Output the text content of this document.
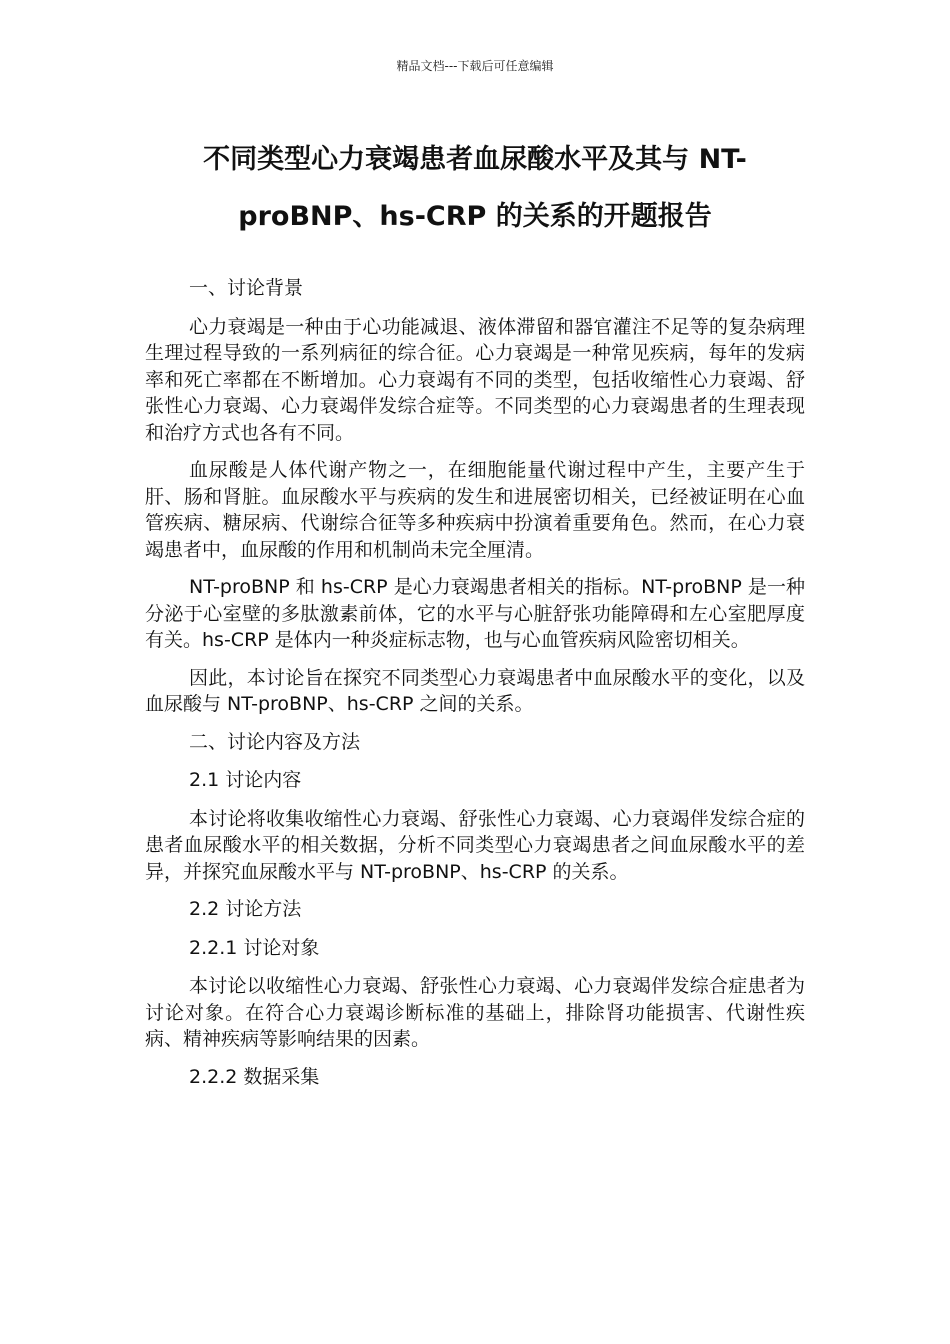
精品文档---下载后可任意编辑
不同类型心力衰竭患者血尿酸水平及其与 NT-
proBNP、hs-CRP 的关系的开题报告

一、讨论背景

心力衰竭是一种由于心功能减退、液体滞留和器官灌注不足等的复杂病理生理过程导致的一系列病征的综合征。心力衰竭是一种常见疾病，每年的发病率和死亡率都在不断增加。心力衰竭有不同的类型，包括收缩性心力衰竭、舒张性心力衰竭、心力衰竭伴发综合症等。不同类型的心力衰竭患者的生理表现和治疗方式也各有不同。

血尿酸是人体代谢产物之一，在细胞能量代谢过程中产生，主要产生于肝、肠和肾脏。血尿酸水平与疾病的发生和进展密切相关，已经被证明在心血管疾病、糖尿病、代谢综合征等多种疾病中扮演着重要角色。然而，在心力衰竭患者中，血尿酸的作用和机制尚未完全厘清。

NT-proBNP 和 hs-CRP 是心力衰竭患者相关的指标。NT-proBNP 是一种分泌于心室壁的多肽激素前体，它的水平与心脏舒张功能障碍和左心室肥厚度有关。hs-CRP 是体内一种炎症标志物，也与心血管疾病风险密切相关。

因此，本讨论旨在探究不同类型心力衰竭患者中血尿酸水平的变化，以及血尿酸与 NT-proBNP、hs-CRP 之间的关系。

二、讨论内容及方法

2.1 讨论内容

本讨论将收集收缩性心力衰竭、舒张性心力衰竭、心力衰竭伴发综合症的患者血尿酸水平的相关数据，分析不同类型心力衰竭患者之间血尿酸水平的差异，并探究血尿酸水平与 NT-proBNP、hs-CRP 的关系。

2.2 讨论方法

2.2.1 讨论对象

本讨论以收缩性心力衰竭、舒张性心力衰竭、心力衰竭伴发综合症患者为讨论对象。在符合心力衰竭诊断标准的基础上，排除肾功能损害、代谢性疾病、精神疾病等影响结果的因素。

2.2.2 数据采集
